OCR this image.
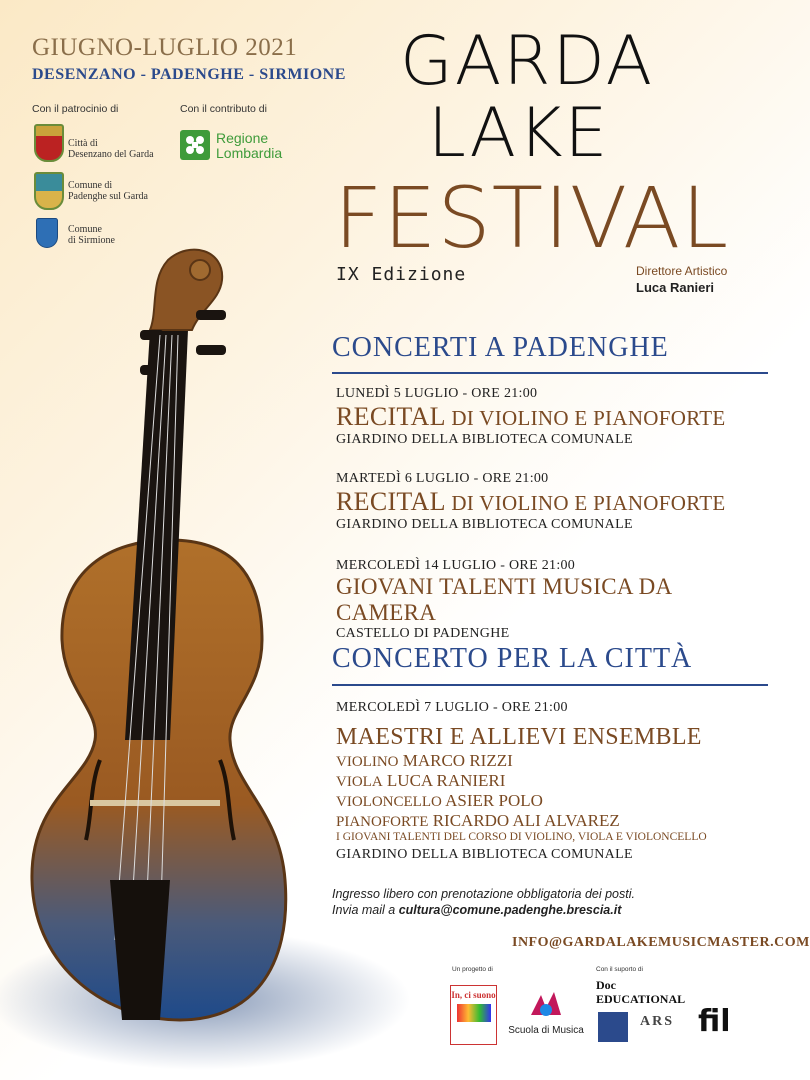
GIUGNO-LUGLIO 2021
DESENZANO - PADENGHE - SIRMIONE
Con il patrocinio di	Con il contributo di
Città di
Desenzano del Garda
Comune di
Padenghe sul Garda
Comune
di Sirmione
Regione
Lombardia
GARDA
LAKE
FESTIVAL
IX Edizione	Direttore Artistico
Luca Ranieri
CONCERTI A PADENGHE
LUNEDÌ 5 LUGLIO - ORE 21:00
RECITAL DI VIOLINO E PIANOFORTE
GIARDINO DELLA BIBLIOTECA COMUNALE
MARTEDÌ 6 LUGLIO - ORE 21:00
RECITAL DI VIOLINO E PIANOFORTE
GIARDINO DELLA BIBLIOTECA COMUNALE
MERCOLEDÌ 14 LUGLIO - ORE 21:00
GIOVANI TALENTI MUSICA DA CAMERA
CASTELLO DI PADENGHE
CONCERTO PER LA CITTÀ
MERCOLEDÌ 7 LUGLIO - ORE 21:00
MAESTRI E ALLIEVI ENSEMBLE
VIOLINO MARCO RIZZI
VIOLA LUCA RANIERI
VIOLONCELLO ASIER POLO
PIANOFORTE RICARDO ALI ALVAREZ
I GIOVANI TALENTI DEL CORSO DI VIOLINO, VIOLA E VIOLONCELLO
GIARDINO DELLA BIBLIOTECA COMUNALE
Ingresso libero con prenotazione obbligatoria dei posti.
Invia mail a cultura@comune.padenghe.brescia.it
INFO@GARDALAKEMUSICMASTER.COM
Un progetto di	Con il suporto di
In, ci suono
Scuola di Musica
Doc EDUCATIONAL
ARS fil
